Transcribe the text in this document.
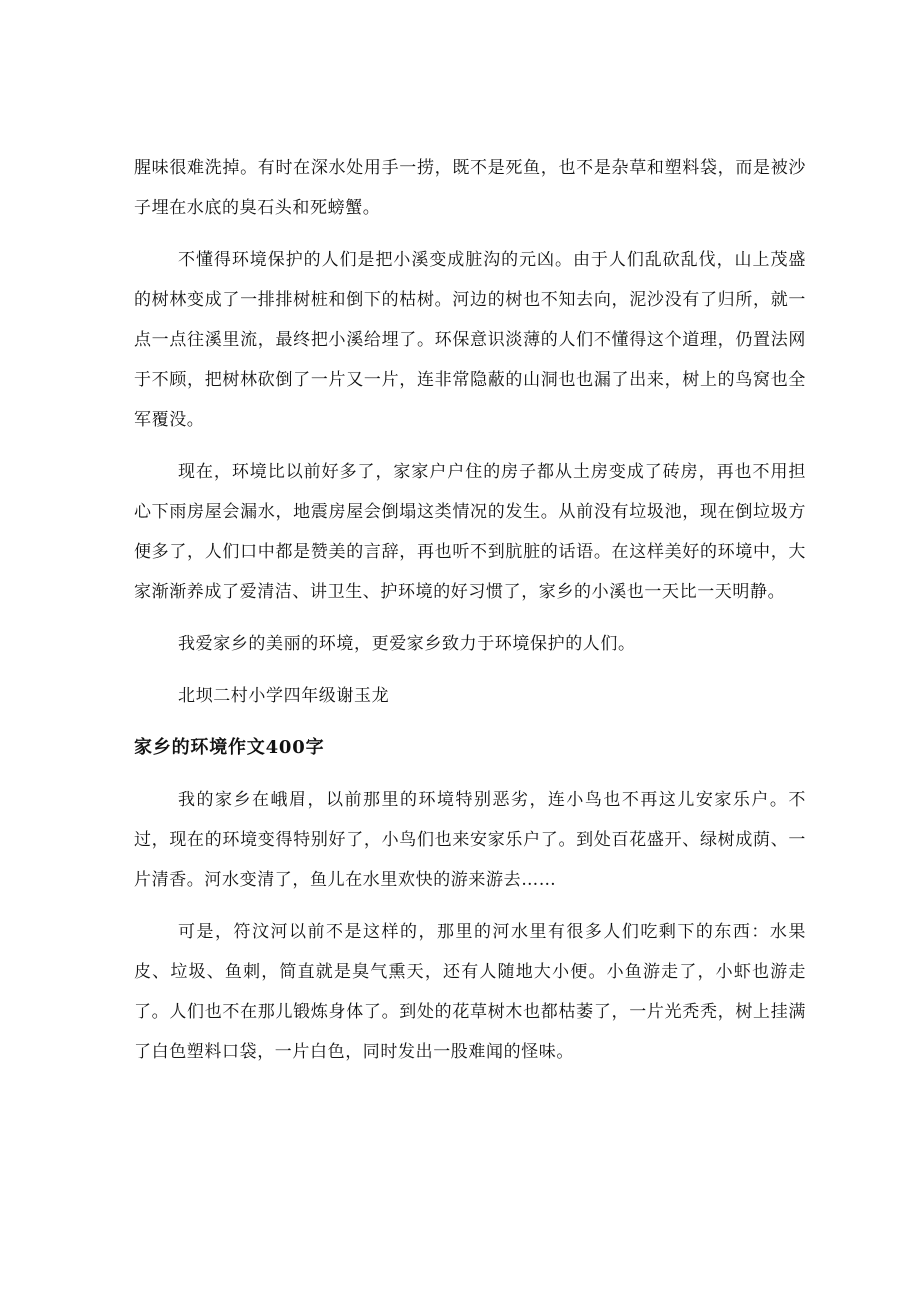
腥味很难洗掉。有时在深水处用手一捞，既不是死鱼，也不是杂草和塑料袋，而是被沙子埋在水底的臭石头和死螃蟹。

不懂得环境保护的人们是把小溪变成脏沟的元凶。由于人们乱砍乱伐，山上茂盛的树林变成了一排排树桩和倒下的枯树。河边的树也不知去向，泥沙没有了归所，就一点一点往溪里流，最终把小溪给埋了。环保意识淡薄的人们不懂得这个道理，仍置法网于不顾，把树林砍倒了一片又一片，连非常隐蔽的山洞也也漏了出来，树上的鸟窝也全军覆没。

现在，环境比以前好多了，家家户户住的房子都从土房变成了砖房，再也不用担心下雨房屋会漏水，地震房屋会倒塌这类情况的发生。从前没有垃圾池，现在倒垃圾方便多了，人们口中都是赞美的言辞，再也听不到肮脏的话语。在这样美好的环境中，大家渐渐养成了爱清洁、讲卫生、护环境的好习惯了，家乡的小溪也一天比一天明静。

我爱家乡的美丽的环境，更爱家乡致力于环境保护的人们。

北坝二村小学四年级谢玉龙

家乡的环境作文400字

我的家乡在峨眉，以前那里的环境特别恶劣，连小鸟也不再这儿安家乐户。不过，现在的环境变得特别好了，小鸟们也来安家乐户了。到处百花盛开、绿树成荫、一片清香。河水变清了，鱼儿在水里欢快的游来游去……

可是，符汶河以前不是这样的，那里的河水里有很多人们吃剩下的东西：水果皮、垃圾、鱼刺，简直就是臭气熏天，还有人随地大小便。小鱼游走了，小虾也游走了。人们也不在那儿锻炼身体了。到处的花草树木也都枯萎了，一片光秃秃，树上挂满了白色塑料口袋，一片白色，同时发出一股难闻的怪味。
